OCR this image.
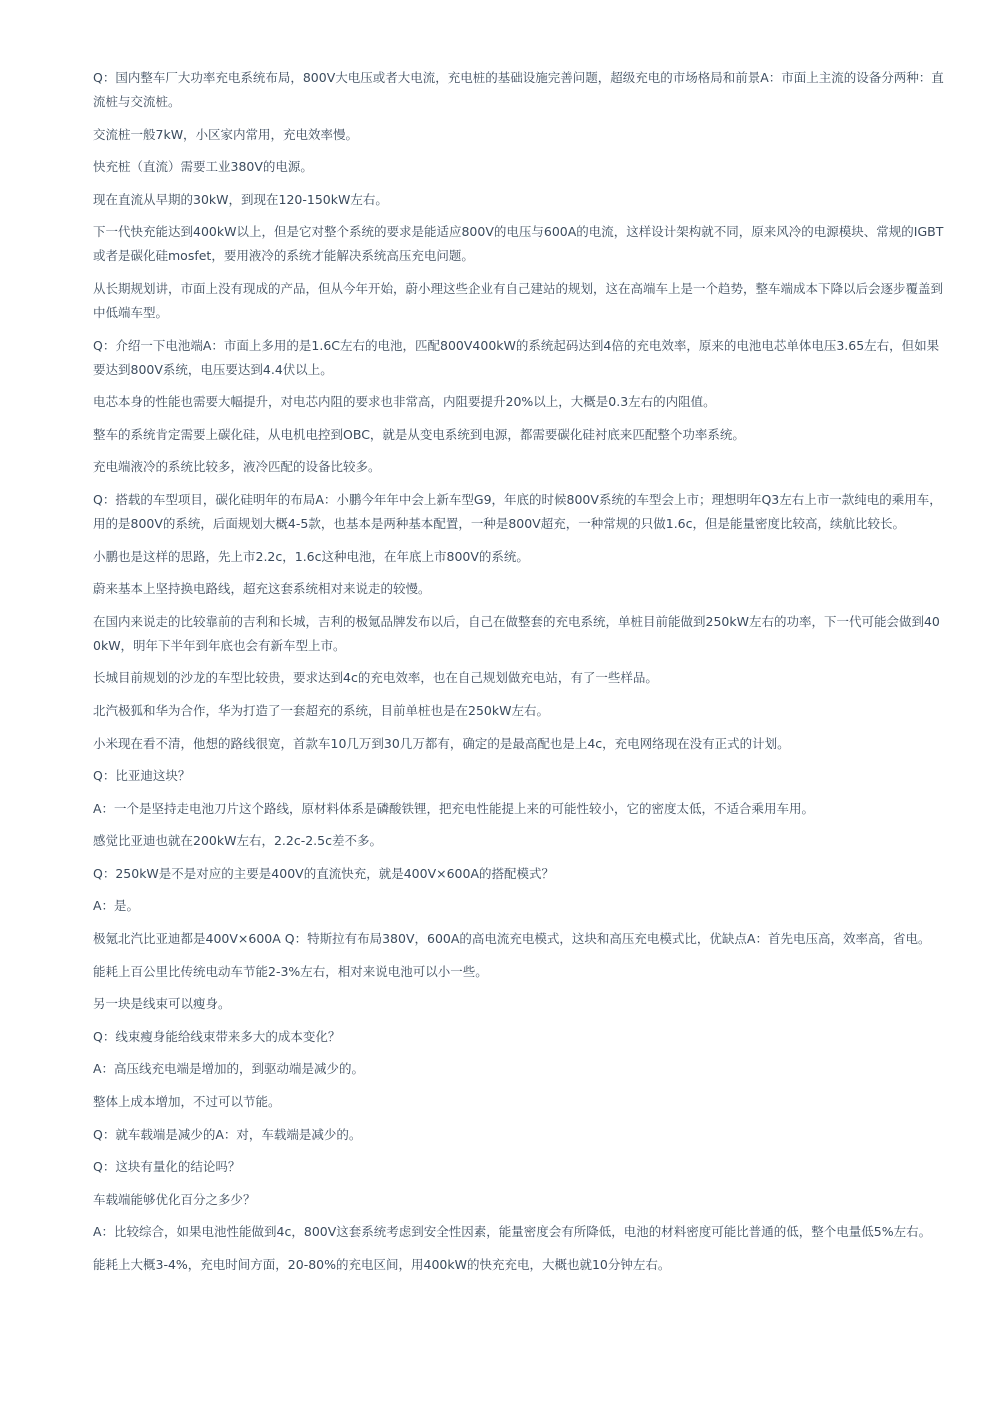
Q：国内整车厂大功率充电系统布局，800V大电压或者大电流，充电桩的基础设施完善问题，超级充电的市场格局和前景A：市面上主流的设备分两种：直流桩与交流桩。

交流桩一般7kW，小区家内常用，充电效率慢。

快充桩（直流）需要工业380V的电源。

现在直流从早期的30kW，到现在120-150kW左右。

下一代快充能达到400kW以上，但是它对整个系统的要求是能适应800V的电压与600A的电流，这样设计架构就不同，原来风冷的电源模块、常规的IGBT或者是碳化硅mosfet，要用液冷的系统才能解决系统高压充电问题。

从长期规划讲，市面上没有现成的产品，但从今年开始，蔚小理这些企业有自己建站的规划，这在高端车上是一个趋势，整车端成本下降以后会逐步覆盖到中低端车型。

Q：介绍一下电池端A：市面上多用的是1.6C左右的电池，匹配800V400kW的系统起码达到4倍的充电效率，原来的电池电芯单体电压3.65左右，但如果要达到800V系统，电压要达到4.4伏以上。

电芯本身的性能也需要大幅提升，对电芯内阻的要求也非常高，内阻要提升20%以上，大概是0.3左右的内阻值。

整车的系统肯定需要上碳化硅，从电机电控到OBC，就是从变电系统到电源，都需要碳化硅衬底来匹配整个功率系统。

充电端液冷的系统比较多，液冷匹配的设备比较多。

Q：搭载的车型项目，碳化硅明年的布局A：小鹏今年年中会上新车型G9，年底的时候800V系统的车型会上市；理想明年Q3左右上市一款纯电的乘用车，用的是800V的系统，后面规划大概4-5款，也基本是两种基本配置，一种是800V超充，一种常规的只做1.6c，但是能量密度比较高，续航比较长。

小鹏也是这样的思路，先上市2.2c，1.6c这种电池，在年底上市800V的系统。

蔚来基本上坚持换电路线，超充这套系统相对来说走的较慢。

在国内来说走的比较靠前的吉利和长城，吉利的极氪品牌发布以后，自己在做整套的充电系统，单桩目前能做到250kW左右的功率，下一代可能会做到400kW，明年下半年到年底也会有新车型上市。

长城目前规划的沙龙的车型比较贵，要求达到4c的充电效率，也在自己规划做充电站，有了一些样品。

北汽极狐和华为合作，华为打造了一套超充的系统，目前单桩也是在250kW左右。

小米现在看不清，他想的路线很宽，首款车10几万到30几万都有，确定的是最高配也是上4c，充电网络现在没有正式的计划。

Q：比亚迪这块？

A：一个是坚持走电池刀片这个路线，原材料体系是磷酸铁锂，把充电性能提上来的可能性较小，它的密度太低，不适合乘用车用。

感觉比亚迪也就在200kW左右，2.2c-2.5c差不多。

Q：250kW是不是对应的主要是400V的直流快充，就是400V×600A的搭配模式？

A：是。

极氪北汽比亚迪都是400V×600A Q：特斯拉有布局380V，600A的高电流充电模式，这块和高压充电模式比，优缺点A：首先电压高，效率高，省电。

能耗上百公里比传统电动车节能2-3%左右，相对来说电池可以小一些。

另一块是线束可以瘦身。

Q：线束瘦身能给线束带来多大的成本变化？

A：高压线充电端是增加的，到驱动端是减少的。

整体上成本增加，不过可以节能。

Q：就车载端是减少的A：对，车载端是减少的。

Q：这块有量化的结论吗？

车载端能够优化百分之多少？

A：比较综合，如果电池性能做到4c，800V这套系统考虑到安全性因素，能量密度会有所降低，电池的材料密度可能比普通的低，整个电量低5%左右。

能耗上大概3-4%，充电时间方面，20-80%的充电区间，用400kW的快充充电，大概也就10分钟左右。
